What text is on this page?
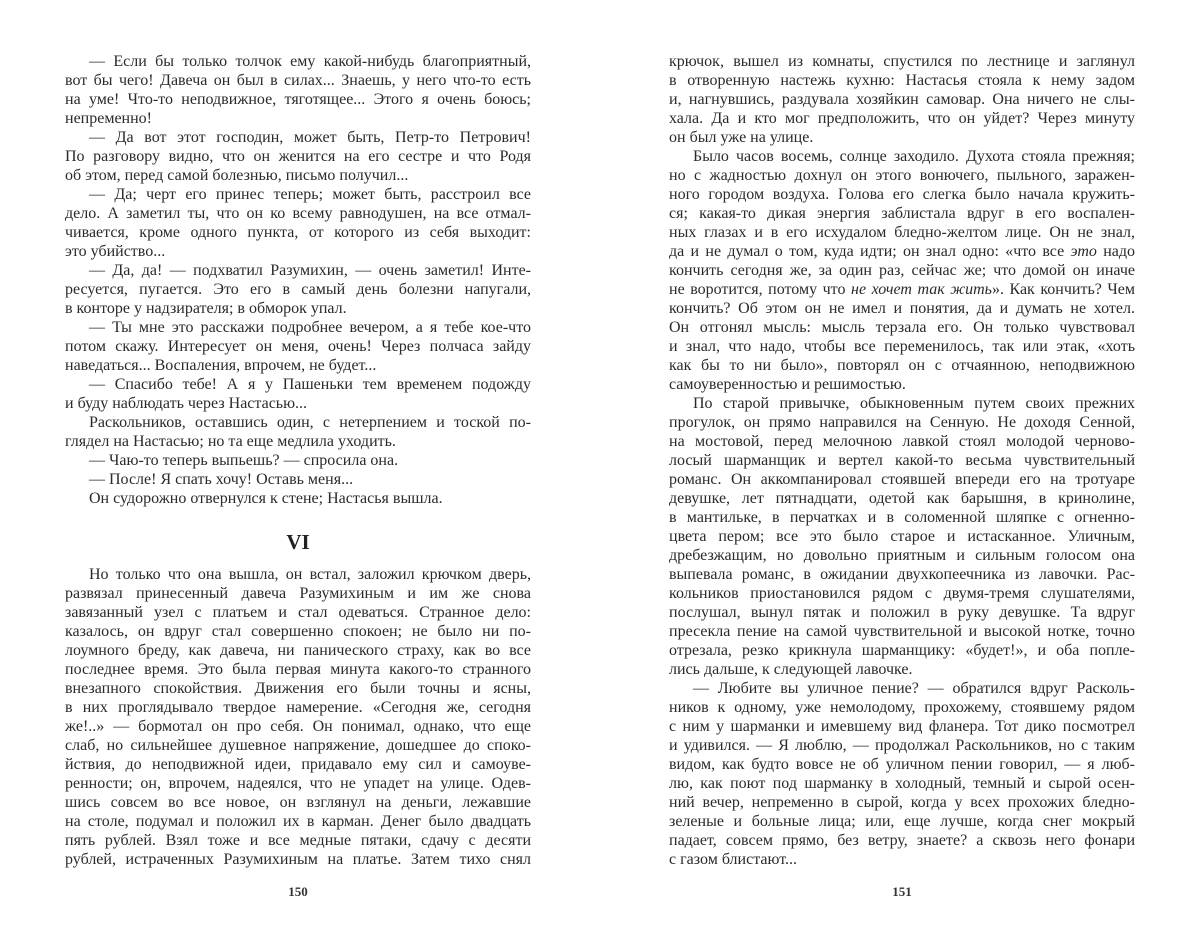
— Если бы только толчок ему какой-нибудь благоприятный,
вот бы чего! Давеча он был в силах... Знаешь, у него что-то есть
на уме! Что-то неподвижное, тяготящее... Этого я очень боюсь;
непременно!
— Да вот этот господин, может быть, Петр-то Петрович!
По разговору видно, что он женится на его сестре и что Родя
об этом, перед самой болезнью, письмо получил...
— Да; черт его принес теперь; может быть, расстроил все
дело. А заметил ты, что он ко всему равнодушен, на все отмал-
чивается, кроме одного пункта, от которого из себя выходит:
это убийство...
— Да, да! — подхватил Разумихин, — очень заметил! Инте-
ресуется, пугается. Это его в самый день болезни напугали,
в конторе у надзирателя; в обморок упал.
— Ты мне это расскажи подробнее вечером, а я тебе кое-что
потом скажу. Интересует он меня, очень! Через полчаса зайду
наведаться... Воспаления, впрочем, не будет...
— Спасибо тебе! А я у Пашеньки тем временем подожду
и буду наблюдать через Настасью...
Раскольников, оставшись один, с нетерпением и тоской по-
глядел на Настасью; но та еще медлила уходить.
— Чаю-то теперь выпьешь? — спросила она.
— После! Я спать хочу! Оставь меня...
Он судорожно отвернулся к стене; Настасья вышла.
VI
Но только что она вышла, он встал, заложил крючком дверь,
развязал принесенный давеча Разумихиным и им же снова
завязанный узел с платьем и стал одеваться. Странное дело:
казалось, он вдруг стал совершенно спокоен; не было ни по-
лоумного бреду, как давеча, ни панического страху, как во все
последнее время. Это была первая минута какого-то странного
внезапного спокойствия. Движения его были точны и ясны,
в них проглядывало твердое намерение. «Сегодня же, сегодня
же!..» — бормотал он про себя. Он понимал, однако, что еще
слаб, но сильнейшее душевное напряжение, дошедшее до споко-
йствия, до неподвижной идеи, придавало ему сил и самоуве-
ренности; он, впрочем, надеялся, что не упадет на улице. Одев-
шись совсем во все новое, он взглянул на деньги, лежавшие
на столе, подумал и положил их в карман. Денег было двадцать
пять рублей. Взял тоже и все медные пятаки, сдачу с десяти
рублей, истраченных Разумихиным на платье. Затем тихо снял
150
крючок, вышел из комнаты, спустился по лестнице и заглянул
в отворенную настежь кухню: Настасья стояла к нему задом
и, нагнувшись, раздувала хозяйкин самовар. Она ничего не слы-
хала. Да и кто мог предположить, что он уйдет? Через минуту
он был уже на улице.
Было часов восемь, солнце заходило. Духота стояла прежняя;
но с жадностью дохнул он этого вонючего, пыльного, заражен-
ного городом воздуха. Голова его слегка было начала кружить-
ся; какая-то дикая энергия заблистала вдруг в его воспален-
ных глазах и в его исхудалом бледно-желтом лице. Он не знал,
да и не думал о том, куда идти; он знал одно: «что все это надо
кончить сегодня же, за один раз, сейчас же; что домой он иначе
не воротится, потому что не хочет так жить». Как кончить? Чем
кончить? Об этом он не имел и понятия, да и думать не хотел.
Он отгонял мысль: мысль терзала его. Он только чувствовал
и знал, что надо, чтобы все переменилось, так или этак, «хоть
как бы то ни было», повторял он с отчаянною, неподвижною
самоуверенностью и решимостью.
По старой привычке, обыкновенным путем своих прежних
прогулок, он прямо направился на Сенную. Не доходя Сенной,
на мостовой, перед мелочною лавкой стоял молодой черново-
лосый шарманщик и вертел какой-то весьма чувствительный
романс. Он аккомпанировал стоявшей впереди его на тротуаре
девушке, лет пятнадцати, одетой как барышня, в кринолине,
в мантильке, в перчатках и в соломенной шляпке с огненно-
цвета пером; все это было старое и истасканное. Уличным,
дребезжащим, но довольно приятным и сильным голосом она
выпевала романс, в ожидании двухкопеечника из лавочки. Рас-
кольников приостановился рядом с двумя-тремя слушателями,
послушал, вынул пятак и положил в руку девушке. Та вдруг
пресекла пение на самой чувствительной и высокой нотке, точно
отрезала, резко крикнула шарманщику: «будет!», и оба поплe-
лись дальше, к следующей лавочке.
— Любите вы уличное пение? — обратился вдруг Расколь-
ников к одному, уже немолодому, прохожему, стоявшему рядом
с ним у шарманки и имевшему вид фланера. Тот дико посмотрел
и удивился. — Я люблю, — продолжал Раскольников, но с таким
видом, как будто вовсе не об уличном пении говорил, — я люб-
лю, как поют под шарманку в холодный, темный и сырой осен-
ний вечер, непременно в сырой, когда у всех прохожих бледно-
зеленые и больные лица; или, еще лучше, когда снег мокрый
падает, совсем прямо, без ветру, знаете? а сквозь него фонари
с газом блистают...
151
